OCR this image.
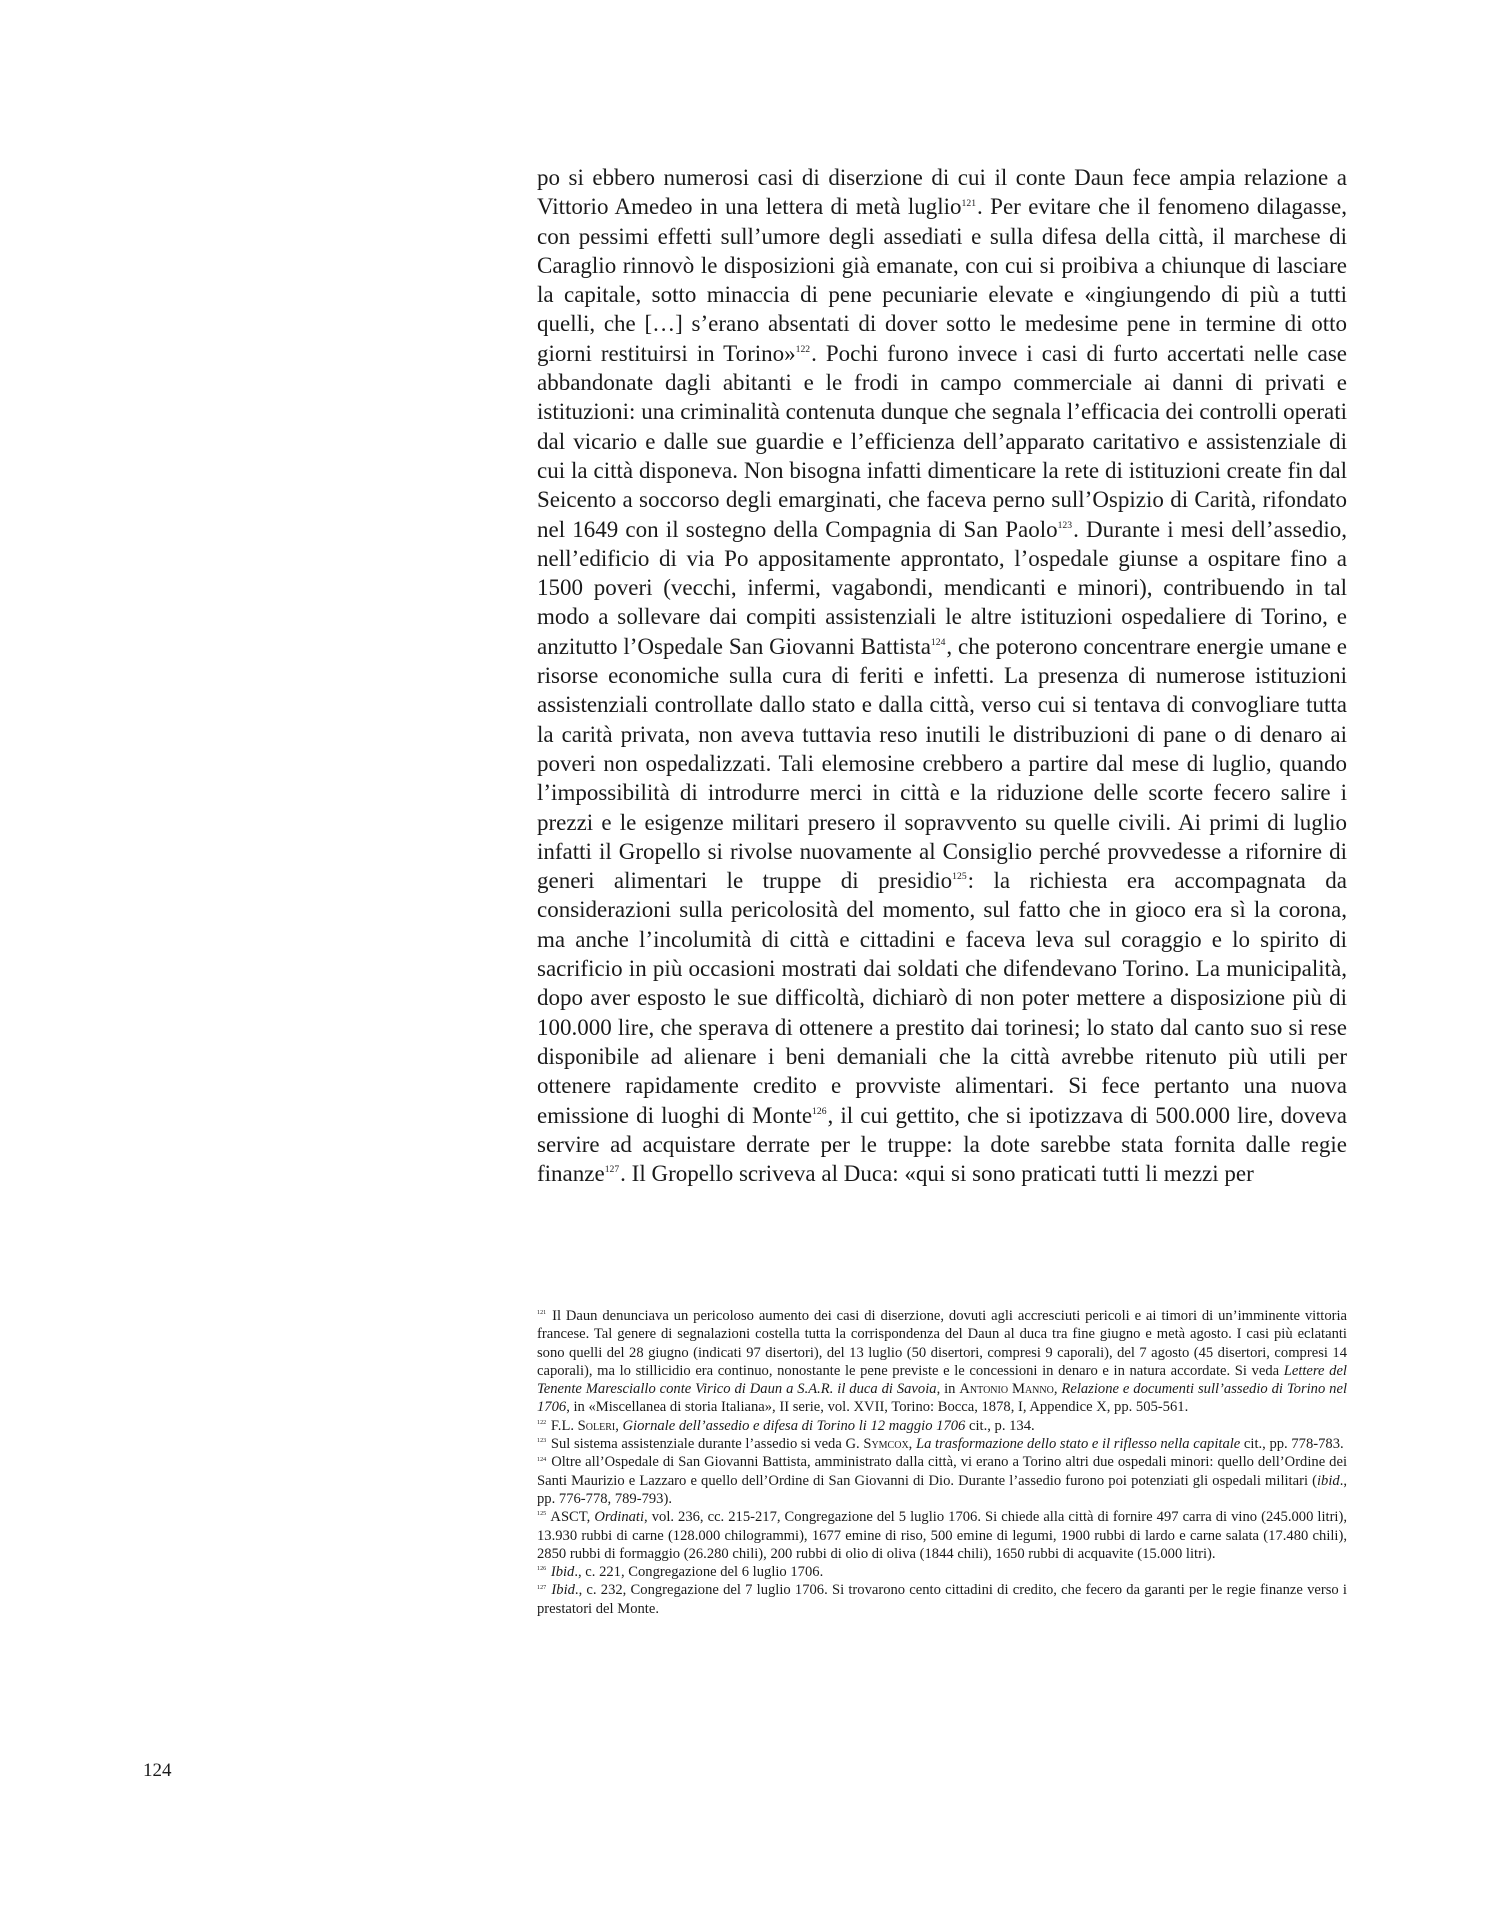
po si ebbero numerosi casi di diserzione di cui il conte Daun fece ampia relazione a Vittorio Amedeo in una lettera di metà luglio$^{121}$. Per evitare che il fenomeno dilagasse, con pessimi effetti sull’umore degli assediati e sulla difesa della città, il marchese di Caraglio rinnovò le disposizioni già emanate, con cui si proibiva a chiunque di lasciare la capitale, sotto minaccia di pene pecuniarie elevate e «ingiungendo di più a tutti quelli, che […] s’erano absentati di dover sotto le medesime pene in termine di otto giorni restituirsi in Torino»$^{122}$. Pochi furono invece i casi di furto accertati nelle case abbandonate dagli abitanti e le frodi in campo commerciale ai danni di privati e istituzioni: una criminalità contenuta dunque che segnala l’efficacia dei controlli operati dal vicario e dalle sue guardie e l’efficienza dell’apparato caritativo e assistenziale di cui la città disponeva. Non bisogna infatti dimenticare la rete di istituzioni create fin dal Seicento a soccorso degli emarginati, che faceva perno sull’Ospizio di Carità, rifondato nel 1649 con il sostegno della Compagnia di San Paolo$^{123}$. Durante i mesi dell’assedio, nell’edificio di via Po appositamente approntato, l’ospedale giunse a ospitare fino a 1500 poveri (vecchi, infermi, vagabondi, mendicanti e minori), contribuendo in tal modo a sollevare dai compiti assistenziali le altre istituzioni ospedaliere di Torino, e anzitutto l’Ospedale San Giovanni Battista$^{124}$, che poterono concentrare energie umane e risorse economiche sulla cura di feriti e infetti. La presenza di numerose istituzioni assistenziali controllate dallo stato e dalla città, verso cui si tentava di convogliare tutta la carità privata, non aveva tuttavia reso inutili le distribuzioni di pane o di denaro ai poveri non ospedalizzati. Tali elemosine crebbero a partire dal mese di luglio, quando l’impossibilità di introdurre merci in città e la riduzione delle scorte fecero salire i prezzi e le esigenze militari presero il sopravvento su quelle civili. Ai primi di luglio infatti il Gropello si rivolse nuovamente al Consiglio perché provvedesse a rifornire di generi alimentari le truppe di presidio$^{125}$: la richiesta era accompagnata da considerazioni sulla pericolosità del momento, sul fatto che in gioco era sì la corona, ma anche l’incolumità di città e cittadini e faceva leva sul coraggio e lo spirito di sacrificio in più occasioni mostrati dai soldati che difendevano Torino. La municipalità, dopo aver esposto le sue difficoltà, dichiarò di non poter mettere a disposizione più di 100.000 lire, che sperava di ottenere a prestito dai torinesi; lo stato dal canto suo si rese disponibile ad alienare i beni demaniali che la città avrebbe ritenuto più utili per ottenere rapidamente credito e provviste alimentari. Si fece pertanto una nuova emissione di luoghi di Monte$^{126}$, il cui gettito, che si ipotizzava di 500.000 lire, doveva servire ad acquistare derrate per le truppe: la dote sarebbe stata fornita dalle regie finanze$^{127}$. Il Gropello scriveva al Duca: «qui si sono praticati tutti li mezzi per

$^{121}$ Il Daun denunciava un pericoloso aumento dei casi di diserzione, dovuti agli accresciuti pericoli e ai timori di un’imminente vittoria francese. Tal genere di segnalazioni costella tutta la corrispondenza del Daun al duca tra fine giugno e metà agosto. I casi più eclatanti sono quelli del 28 giugno (indicati 97 disertori), del 13 luglio (50 disertori, compresi 9 caporali), del 7 agosto (45 disertori, compresi 14 caporali), ma lo stillicidio era continuo, nonostante le pene previste e le concessioni in denaro e in natura accordate. Si veda Lettere del Tenente Maresciallo conte Virico di Daun a S.A.R. il duca di Savoia, in Antonio Manno, Relazione e documenti sull’assedio di Torino nel 1706, in «Miscellanea di storia Italiana», II serie, vol. XVII, Torino: Bocca, 1878, I, Appendice X, pp. 505-561.

$^{122}$ F.L. Soleri, Giornale dell’assedio e difesa di Torino li 12 maggio 1706 cit., p. 134.

$^{123}$ Sul sistema assistenziale durante l’assedio si veda G. Symcox, La trasformazione dello stato e il riflesso nella capitale cit., pp. 778-783.

$^{124}$ Oltre all’Ospedale di San Giovanni Battista, amministrato dalla città, vi erano a Torino altri due ospedali minori: quello dell’Ordine dei Santi Maurizio e Lazzaro e quello dell’Ordine di San Giovanni di Dio. Durante l’assedio furono poi potenziati gli ospedali militari (ibid., pp. 776-778, 789-793).

$^{125}$ ASCT, Ordinati, vol. 236, cc. 215-217, Congregazione del 5 luglio 1706. Si chiede alla città di fornire 497 carra di vino (245.000 litri), 13.930 rubbi di carne (128.000 chilogrammi), 1677 emine di riso, 500 emine di legumi, 1900 rubbi di lardo e carne salata (17.480 chili), 2850 rubbi di formaggio (26.280 chili), 200 rubbi di olio di oliva (1844 chili), 1650 rubbi di acquavite (15.000 litri).

$^{126}$ Ibid., c. 221, Congregazione del 6 luglio 1706.

$^{127}$ Ibid., c. 232, Congregazione del 7 luglio 1706. Si trovarono cento cittadini di credito, che fecero da garanti per le regie finanze verso i prestatori del Monte.

124
